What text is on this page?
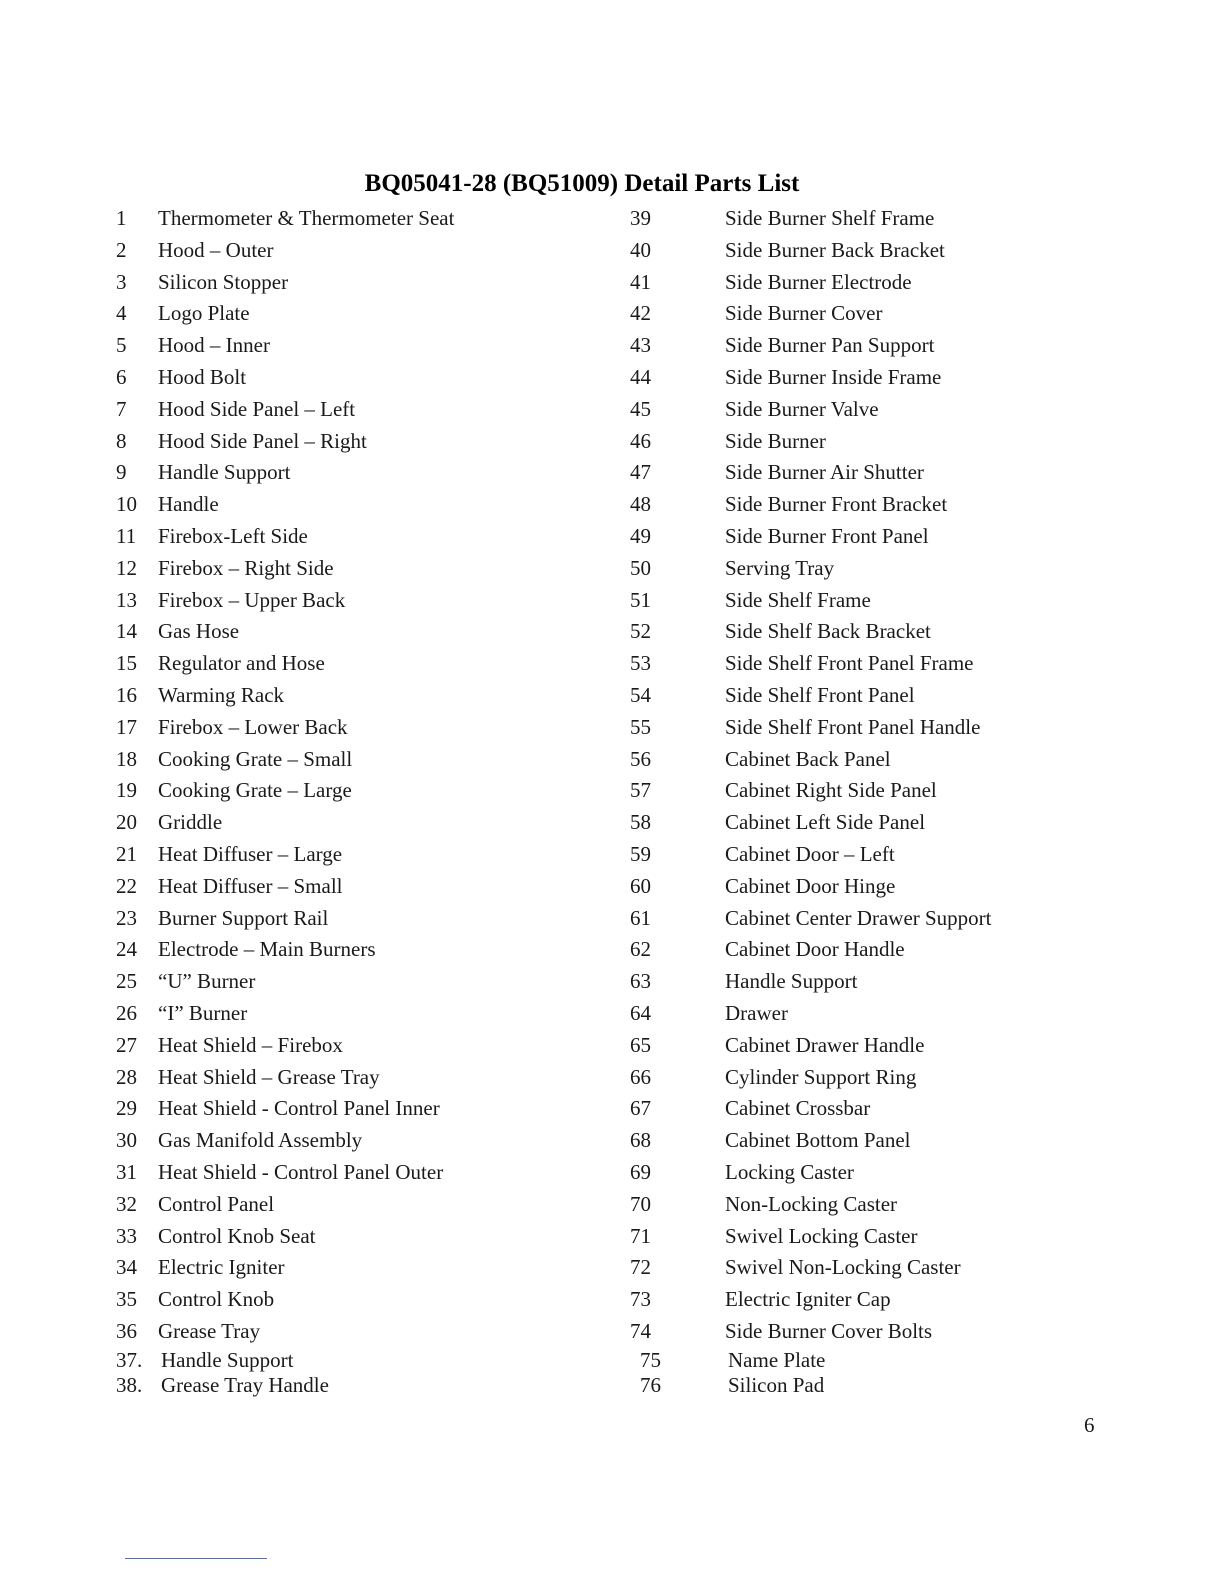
BQ05041-28 (BQ51009) Detail Parts List
1 Thermometer & Thermometer Seat
2 Hood – Outer
3 Silicon Stopper
4 Logo Plate
5 Hood – Inner
6 Hood Bolt
7 Hood Side Panel – Left
8 Hood Side Panel – Right
9 Handle Support
10 Handle
11 Firebox-Left Side
12 Firebox – Right Side
13 Firebox – Upper Back
14 Gas Hose
15 Regulator and Hose
16 Warming Rack
17 Firebox – Lower Back
18 Cooking Grate – Small
19 Cooking Grate – Large
20 Griddle
21 Heat Diffuser – Large
22 Heat Diffuser – Small
23 Burner Support Rail
24 Electrode – Main Burners
25 “U” Burner
26 “I” Burner
27 Heat Shield – Firebox
28 Heat Shield – Grease Tray
29 Heat Shield - Control Panel Inner
30 Gas Manifold Assembly
31 Heat Shield - Control Panel Outer
32 Control Panel
33 Control Knob Seat
34 Electric Igniter
35 Control Knob
36 Grease Tray
37. Handle Support
38. Grease Tray Handle
39	Side Burner Shelf Frame
40	Side Burner Back Bracket
41	Side Burner Electrode
42	Side Burner Cover
43	Side Burner Pan Support
44	Side Burner Inside Frame
45	Side Burner Valve
46	Side Burner
47	Side Burner Air Shutter
48	Side Burner Front Bracket
49	Side Burner Front Panel
50	Serving Tray
51	Side Shelf Frame
52	Side Shelf Back Bracket
53	Side Shelf Front Panel Frame
54	Side Shelf Front Panel
55	Side Shelf Front Panel Handle
56	Cabinet Back Panel
57	Cabinet Right Side Panel
58	Cabinet Left Side Panel
59	Cabinet Door – Left
60	Cabinet Door Hinge
61	Cabinet Center Drawer Support
62	Cabinet Door Handle
63	Handle Support
64	Drawer
65	Cabinet Drawer Handle
66	Cylinder Support Ring
67	Cabinet Crossbar
68	Cabinet Bottom Panel
69	Locking Caster
70	Non-Locking Caster
71	Swivel Locking Caster
72	Swivel Non-Locking Caster
73	Electric Igniter Cap
74	Side Burner Cover Bolts
75	Name Plate
76	Silicon Pad
6
